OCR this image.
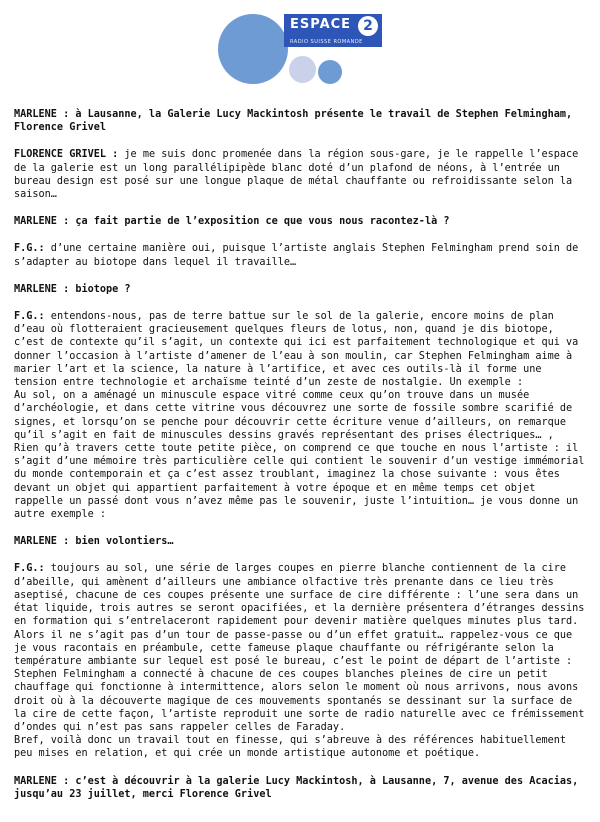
ESPACE 2
RADIO SUISSE ROMANDE

MARLENE : à Lausanne, la Galerie Lucy Mackintosh présente le travail de Stephen Felmingham, Florence Grivel

FLORENCE GRIVEL : je me suis donc promenée dans la région sous-gare, je le rappelle l’espace de la galerie est un long parallélipipède blanc doté d’un plafond de néons, à l’entrée un bureau design est posé sur une longue plaque de métal chauffante ou refroidissante selon la saison…

MARLENE : ça fait partie de l’exposition ce que vous nous racontez-là ?

F.G.: d’une certaine manière oui, puisque l’artiste anglais Stephen Felmingham prend soin de s’adapter au biotope dans lequel il travaille…

MARLENE : biotope ?

F.G.: entendons-nous, pas de terre battue sur le sol de la galerie, encore moins de plan d’eau où flotteraient gracieusement quelques fleurs de lotus, non, quand je dis biotope, c’est de contexte qu’il s’agit, un contexte qui ici est parfaitement technologique et qui va donner l’occasion à l’artiste d’amener de l’eau à son moulin, car Stephen Felmingham aime à marier l’art et la science, la nature à l’artifice, et avec ces outils-là il forme une tension entre technologie et archaïsme teinté d’un zeste de nostalgie. Un exemple :
Au sol, on a aménagé un minuscule espace vitré comme ceux qu’on trouve dans un musée d’archéologie, et dans cette vitrine vous découvrez une sorte de fossile sombre scarifié de signes, et lorsqu’on se penche pour découvrir cette écriture venue d’ailleurs, on remarque qu’il s’agit en fait de minuscules dessins gravés représentant des prises électriques… ,
Rien qu’à travers cette toute petite pièce, on comprend ce que touche en nous l’artiste : il s’agit d’une mémoire très particulière celle qui contient le souvenir d’un vestige immémorial du monde contemporain et ça c’est assez troublant, imaginez la chose suivante : vous êtes devant un objet qui appartient parfaitement à votre époque et en même temps cet objet rappelle un passé dont vous n’avez même pas le souvenir, juste l’intuition… je vous donne un autre exemple :

MARLENE : bien volontiers…

F.G.: toujours au sol, une série de larges coupes en pierre blanche contiennent de la cire d’abeille, qui amènent d’ailleurs une ambiance olfactive très prenante dans ce lieu très aseptisé, chacune de ces coupes présente une surface de cire différente : l’une sera dans un état liquide, trois autres se seront opacifiées, et la dernière présentera d’étranges dessins en formation qui s’entrelaceront rapidement pour devenir matière quelques minutes plus tard.
Alors il ne s’agit pas d’un tour de passe-passe ou d’un effet gratuit… rappelez-vous ce que je vous racontais en préambule, cette fameuse plaque chauffante ou réfrigérante selon la température ambiante sur lequel est posé le bureau, c’est le point de départ de l’artiste :
Stephen Felmingham a connecté à chacune de ces coupes blanches pleines de cire un petit chauffage qui fonctionne à intermittence, alors selon le moment où nous arrivons, nous avons droit où à la découverte magique de ces mouvements spontanés se dessinant sur la surface de la cire de cette façon, l’artiste reproduit une sorte de radio naturelle avec ce frémissement d’ondes qui n’est pas sans rappeler celles de Faraday.
Bref, voilà donc un travail tout en finesse, qui s’abreuve à des références habituellement peu mises en relation, et qui crée un monde artistique autonome et poétique.

MARLENE : c’est à découvrir à la galerie Lucy Mackintosh, à Lausanne, 7, avenue des Acacias, jusqu’au 23 juillet, merci Florence Grivel
